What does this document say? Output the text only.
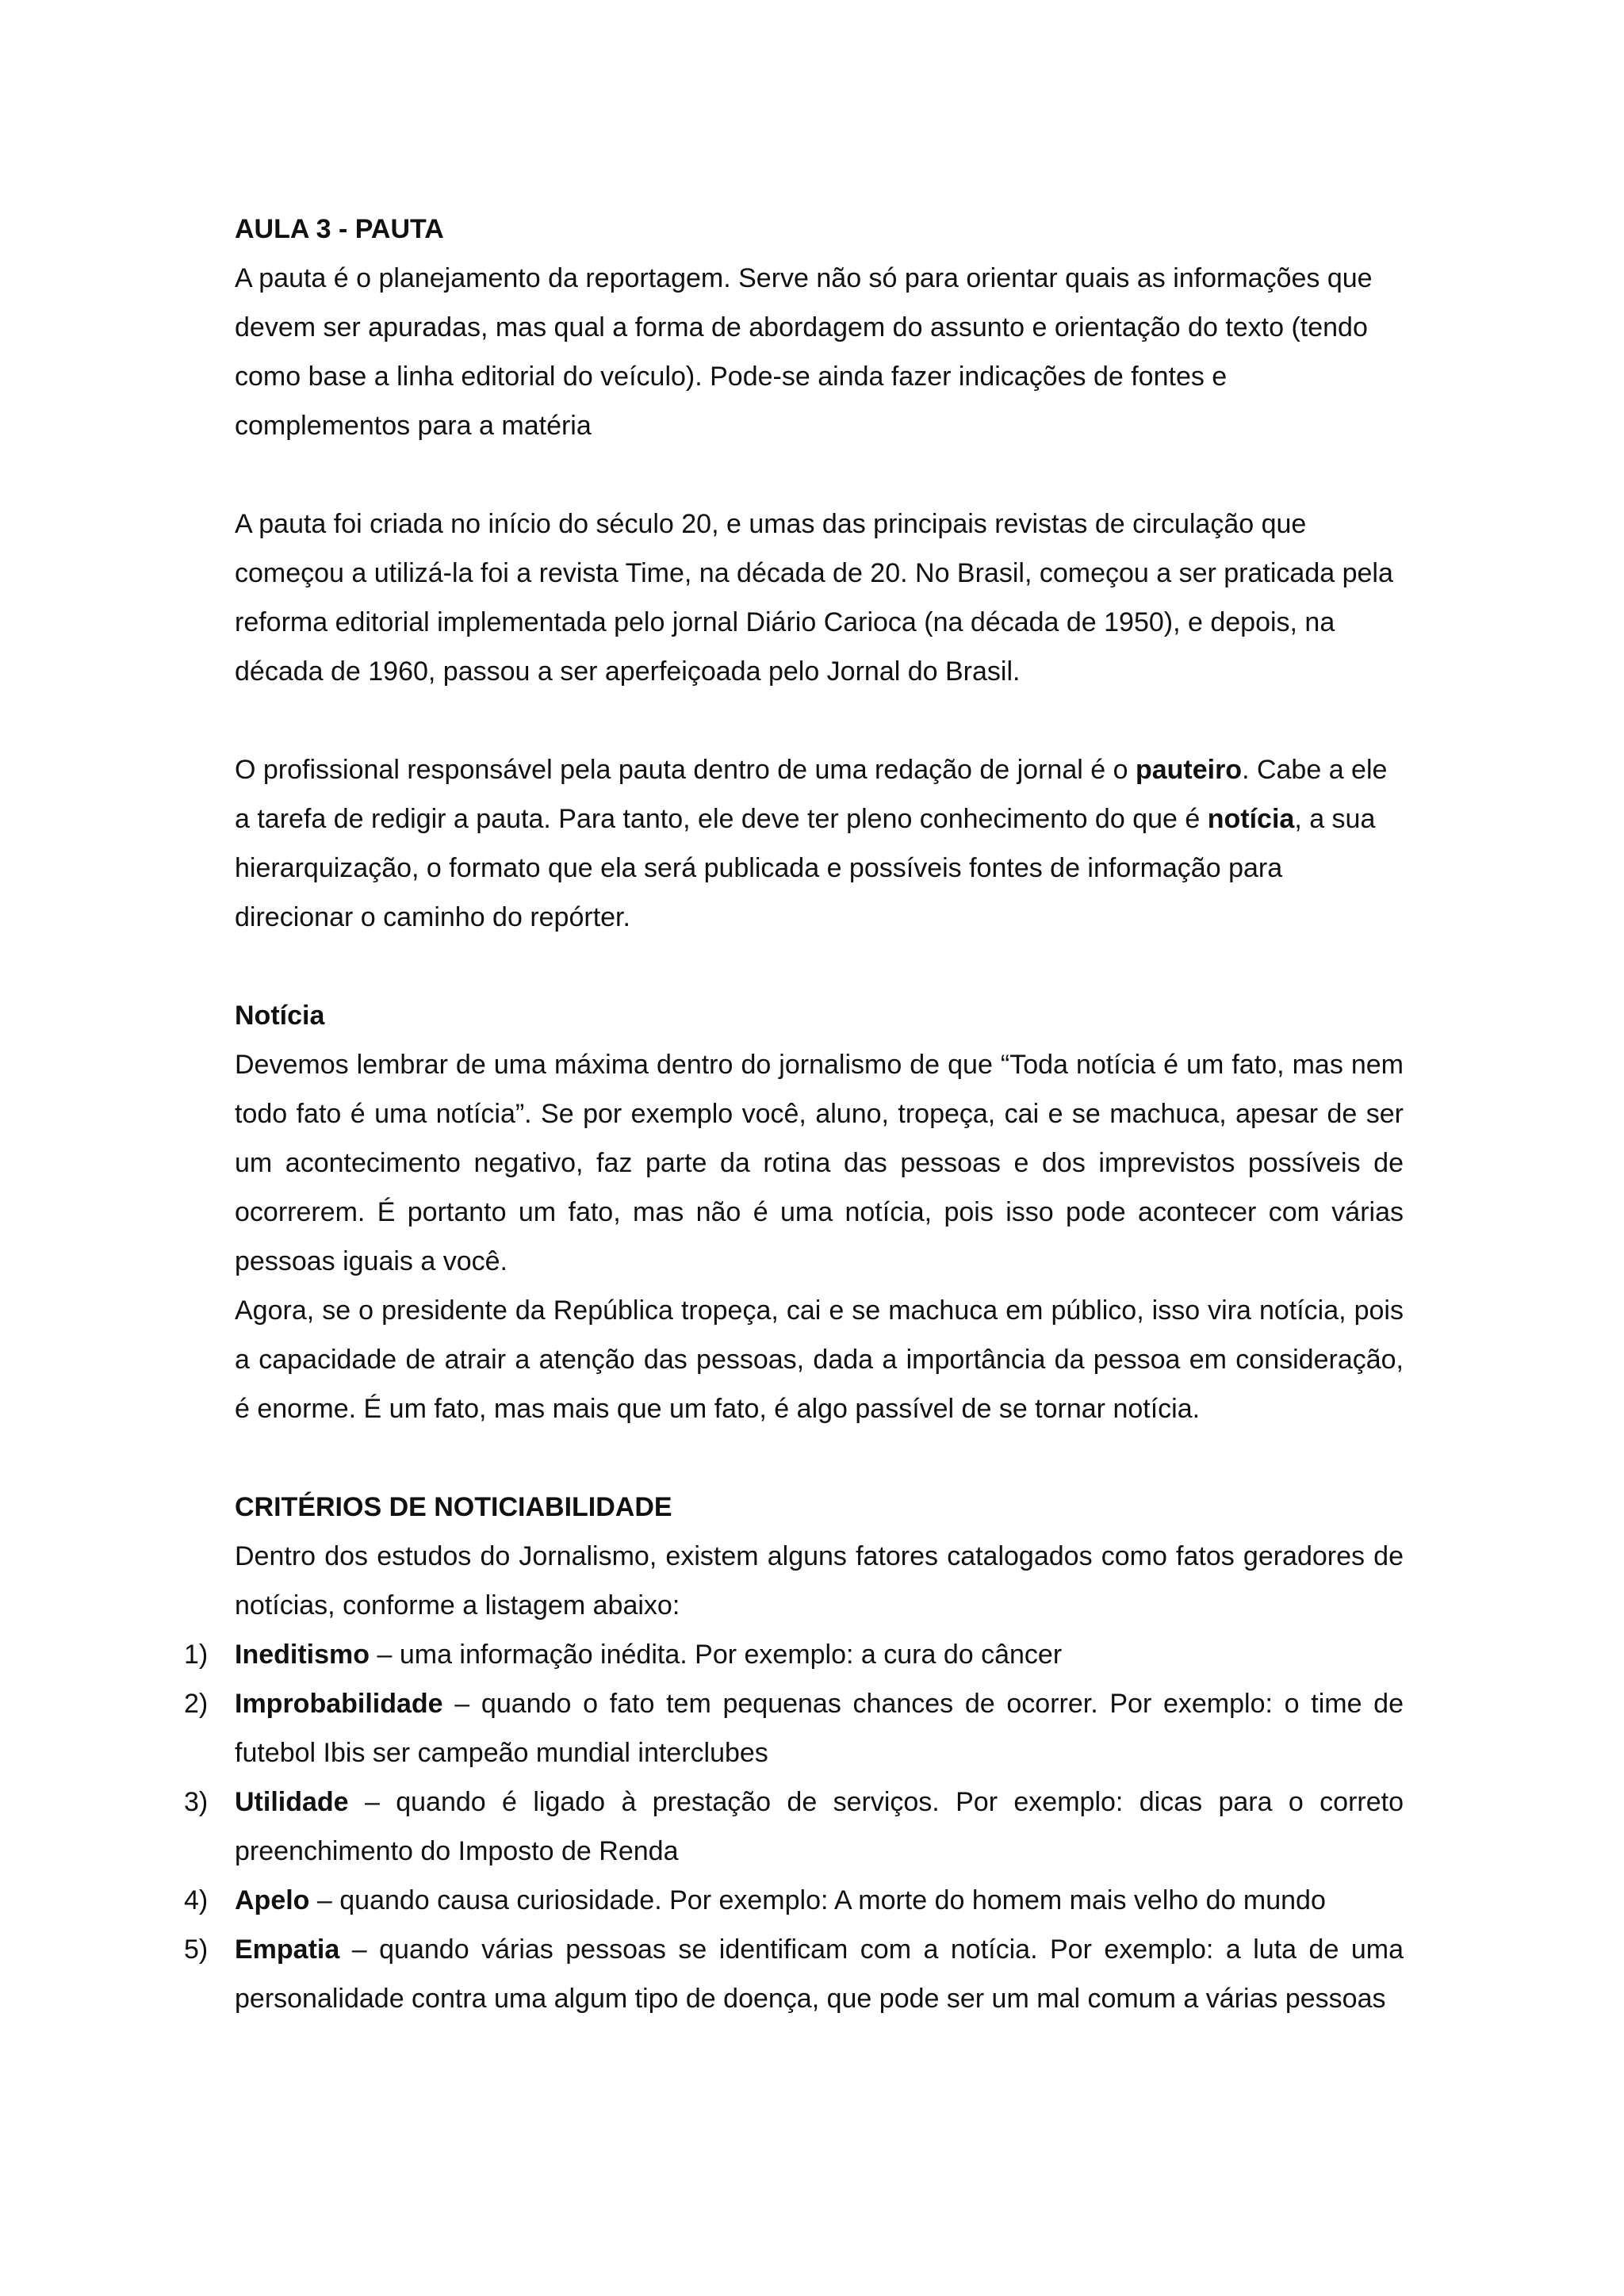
AULA 3 - PAUTA

A pauta é o planejamento da reportagem. Serve não só para orientar quais as informações que devem ser apuradas, mas qual a forma de abordagem do assunto e orientação do texto (tendo como base a linha editorial do veículo). Pode-se ainda fazer indicações de fontes e complementos para a matéria

A pauta foi criada no início do século 20, e umas das principais revistas de circulação que começou a utilizá-la foi a revista Time, na década de 20. No Brasil, começou a ser praticada pela reforma editorial implementada pelo jornal Diário Carioca (na década de 1950), e depois, na década de 1960, passou a ser aperfeiçoada pelo Jornal do Brasil.

O profissional responsável pela pauta dentro de uma redação de jornal é o pauteiro. Cabe a ele a tarefa de redigir a pauta. Para tanto, ele deve ter pleno conhecimento do que é notícia, a sua hierarquização, o formato que ela será publicada e possíveis fontes de informação para direcionar o caminho do repórter.

Notícia

Devemos lembrar de uma máxima dentro do jornalismo de que “Toda notícia é um fato, mas nem todo fato é uma notícia”. Se por exemplo você, aluno, tropeça, cai e se machuca, apesar de ser um acontecimento negativo, faz parte da rotina das pessoas e dos imprevistos possíveis de ocorrerem. É portanto um fato, mas não é uma notícia, pois isso pode acontecer com várias pessoas iguais a você.

Agora, se o presidente da República tropeça, cai e se machuca em público, isso vira notícia, pois a capacidade de atrair a atenção das pessoas, dada a importância da pessoa em consideração, é enorme. É um fato, mas mais que um fato, é algo passível de se tornar notícia.

CRITÉRIOS DE NOTICIABILIDADE

Dentro dos estudos do Jornalismo, existem alguns fatores catalogados como fatos geradores de notícias, conforme a listagem abaixo:

1) Ineditismo – uma informação inédita. Por exemplo: a cura do câncer
2) Improbabilidade – quando o fato tem pequenas chances de ocorrer. Por exemplo: o time de futebol Ibis ser campeão mundial interclubes
3) Utilidade – quando é ligado à prestação de serviços. Por exemplo: dicas para o correto preenchimento do Imposto de Renda
4) Apelo – quando causa curiosidade. Por exemplo: A morte do homem mais velho do mundo
5) Empatia – quando várias pessoas se identificam com a notícia. Por exemplo: a luta de uma personalidade contra uma algum tipo de doença, que pode ser um mal comum a várias pessoas
